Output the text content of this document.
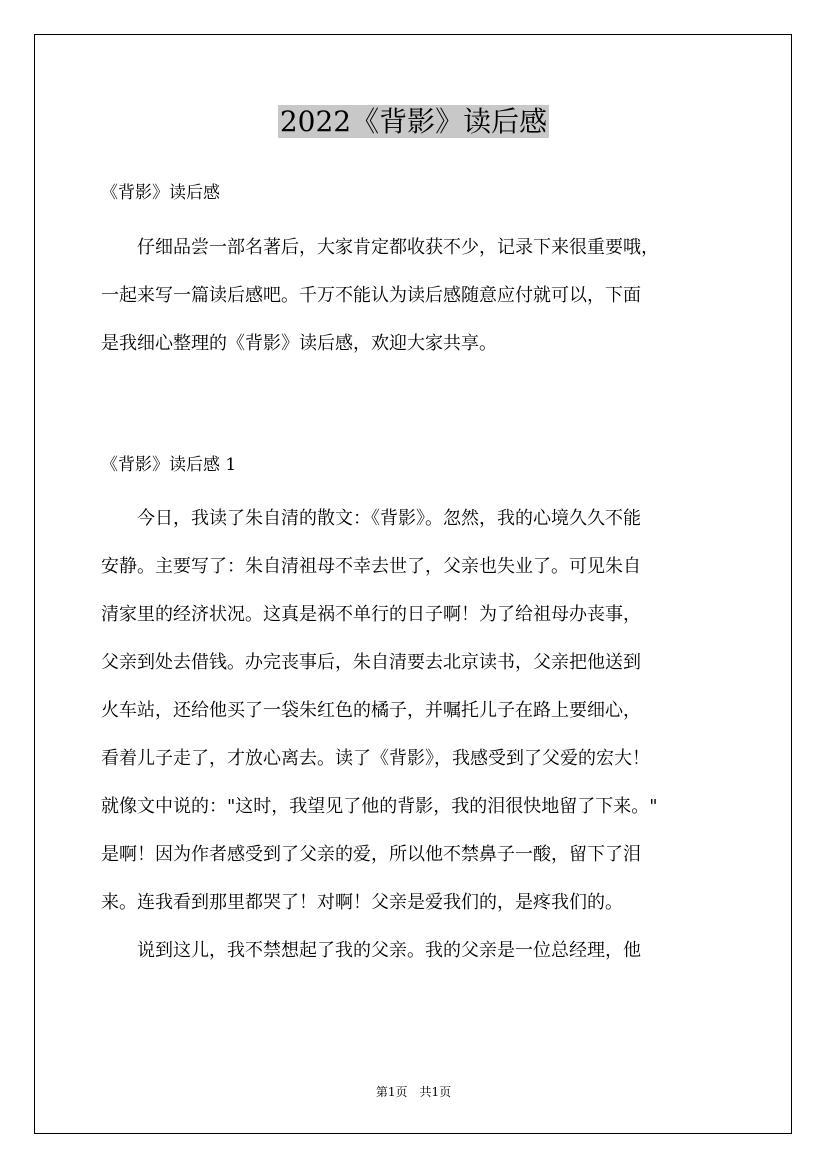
2022《背影》读后感
《背影》读后感

　　仔细品尝一部名著后，大家肯定都收获不少，记录下来很重要哦，
一起来写一篇读后感吧。千万不能认为读后感随意应付就可以，下面
是我细心整理的《背影》读后感，欢迎大家共享。

《背影》读后感 1

　　今日，我读了朱自清的散文：《背影》。忽然，我的心境久久不能
安静。主要写了：朱自清祖母不幸去世了，父亲也失业了。可见朱自
清家里的经济状况。这真是祸不单行的日子啊！为了给祖母办丧事，
父亲到处去借钱。办完丧事后，朱自清要去北京读书，父亲把他送到
火车站，还给他买了一袋朱红色的橘子，并嘱托儿子在路上要细心，
看着儿子走了，才放心离去。读了《背影》，我感受到了父爱的宏大！
就像文中说的："这时，我望见了他的背影，我的泪很快地留了下来。"
是啊！因为作者感受到了父亲的爱，所以他不禁鼻子一酸，留下了泪
来。连我看到那里都哭了！对啊！父亲是爱我们的，是疼我们的。
　　说到这儿，我不禁想起了我的父亲。我的父亲是一位总经理，他

第1页　共1页
